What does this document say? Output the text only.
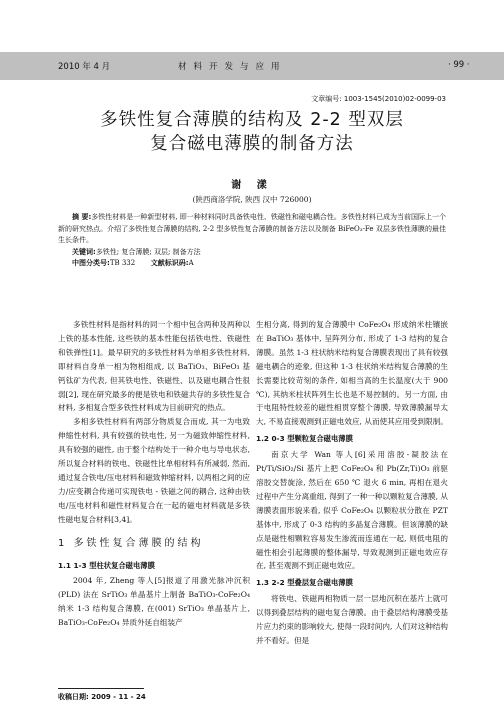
2010 年 4 月	材料开发与应用	· 99 ·
文章编号: 1003-1545(2010)02-0099-03
多铁性复合薄膜的结构及 2-2 型双层
复合磁电薄膜的制备方法
谢 漾
(陕西商洛学院, 陕西 汉中 726000)

摘 要:多铁性材料是一种新型材料, 即一种材料同时具备铁电性、铁磁性和磁电耦合性。多铁性材料已成为当前国际上一个新的研究热点。介绍了多铁性复合薄膜的结构, 2-2 型多铁性复合薄膜的制备方法以及制备 BiFeO₃-Fe 双层多铁性薄膜的最佳生长条件。

关键词:多铁性; 复合薄膜; 双层; 制备方法

中图分类号:TB 332 文献标识码:A

多铁性材料是指材料的同一个相中包含两种及两种以上铁的基本性能, 这些铁的基本性能包括铁电性、铁磁性和铁弹性[1]。最早研究的多铁性材料为单相多铁性材料, 即材料自身单一相为物相组成, 以 BaTiO₃、BiFeO₃ 基钙钛矿为代表, 但其铁电性、铁磁性、以及磁电耦合性很弱[2], 现在研究最多的便是铁电和铁磁共存的多铁性复合材料, 多相复合型多铁性材料成为目前研究的热点。

多相多铁性材料有两部分物质复合而成, 其一为电致伸缩性材料, 具有较强的铁电性, 另一为磁致伸缩性材料, 具有较强的磁性, 由于整个结构处于一种介电与导电状态, 所以复合材料的铁电、铁磁性比单相材料有所减弱, 然而, 通过复合铁电/压电材料和磁致伸缩材料, 以两相之间的应力/应变耦合传递可实现铁电 - 铁磁之间的耦合, 这种由铁电/压电材料和磁性材料复合在一起的磁电材料就是多铁性磁电复合材料[3,4]。

1 多铁性复合薄膜的结构

1.1 1-3 型柱状复合磁电薄膜

2004 年, Zheng 等人[5]报道了用激光脉冲沉积(PLD) 法在 SrTiO₃ 单晶基片上制备 BaTiO₃-CoFe₂O₄ 纳米 1-3 结构复合薄膜, 在(001) SrTiO₃ 单晶基片上, BaTiO₃-CoFe₂O₄ 异质外延自组装产

生相分离, 得到的复合薄膜中 CoFe₂O₄ 形成纳米柱镶嵌在 BaTiO₃ 基体中, 呈阵列分布, 形成了 1-3 结构的复合薄膜。虽然 1-3 柱状纳米结构复合薄膜表现出了具有较强磁电耦合的迹象, 但这种 1-3 柱状纳米结构复合薄膜的生长需要比较苛刻的条件, 如相当高的生长温度(大于 900 ℃), 其纳米柱状阵列生长也是不易控制的。另一方面, 由于电阻特性较差的磁性相贯穿整个薄膜, 导致薄膜漏导太大, 不易直接观测到正磁电效应, 从而使其应用受到限制。

1.2 0-3 型颗粒复合磁电薄膜

南京大学 Wan 等人[6]采用溶胶-凝胶法在 Pt/Ti/SiO₂/Si 基片上把 CoFe₂O₄ 和 Pb(Zr,Ti)O₃ 前驱溶胶交替旋涂, 然后在 650 ℃ 退火 6 min, 再相在退火过程中产生分离重组, 得到了一种一种以颗粒复合薄膜, 从薄膜表面形貌来看, 似乎 CoFe₂O₄ 以颗粒状分散在 PZT 基体中, 形成了 0-3 结构的多晶复合薄膜。但该薄膜的缺点是磁性相颗粒容易发生渗流而连通在一起, 则低电阻的磁性相会引起薄膜的整体漏导, 导致观测到正磁电效应存在, 甚至观测不到正磁电效应。

1.3 2-2 型叠层复合磁电薄膜

将铁电、铁磁两相物质一层一层地沉积在基片上就可以得到叠层结构的磁电复合薄膜。由于叠层结构薄膜受基片应力约束的影响较大, 使得一段时间内, 人们对这种结构并不看好。但是

收稿日期: 2009 - 11 - 24
